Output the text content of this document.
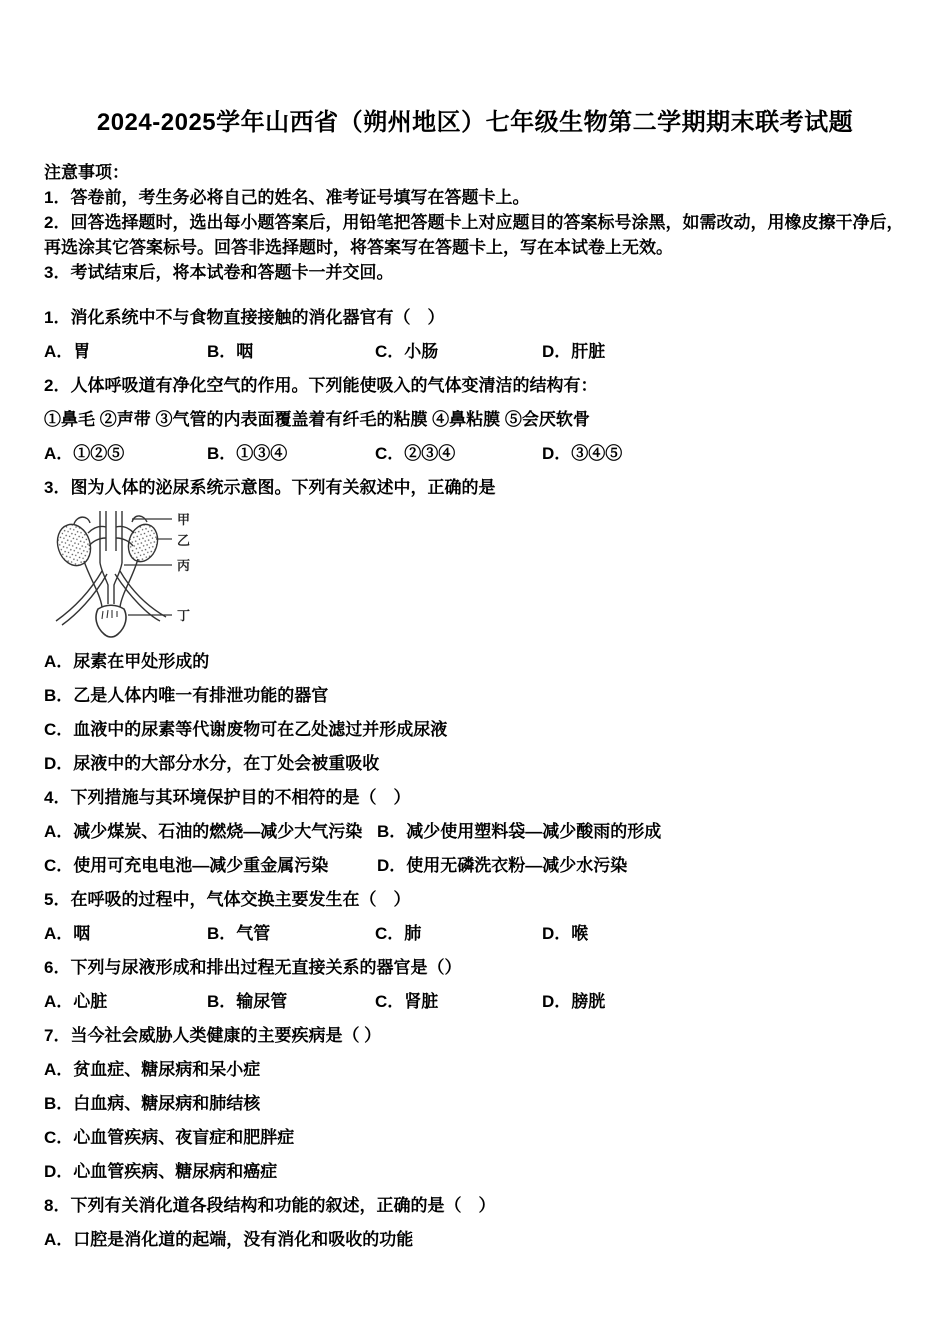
2024-2025学年山西省（朔州地区）七年级生物第二学期期末联考试题
注意事项：
1．答卷前，考生务必将自己的姓名、准考证号填写在答题卡上。
2．回答选择题时，选出每小题答案后，用铅笔把答题卡上对应题目的答案标号涂黑，如需改动，用橡皮擦干净后，再选涂其它答案标号。回答非选择题时，将答案写在答题卡上，写在本试卷上无效。
3．考试结束后，将本试卷和答题卡一并交回。
1．消化系统中不与食物直接接触的消化器官有（　）
A．胃	B．咽	C．小肠	D．肝脏
2．人体呼吸道有净化空气的作用。下列能使吸入的气体变清洁的结构有：
①鼻毛 ②声带 ③气管的内表面覆盖着有纤毛的粘膜 ④鼻粘膜 ⑤会厌软骨
A．①②⑤	B．①③④	C．②③④	D．③④⑤
3．图为人体的泌尿系统示意图。下列有关叙述中，正确的是
甲
乙
丙
丁
A．尿素在甲处形成的
B．乙是人体内唯一有排泄功能的器官
C．血液中的尿素等代谢废物可在乙处滤过并形成尿液
D．尿液中的大部分水分，在丁处会被重吸收
4．下列措施与其环境保护目的不相符的是（　）
A．减少煤炭、石油的燃烧—减少大气污染 B．减少使用塑料袋—减少酸雨的形成
C．使用可充电电池—减少重金属污染	D．使用无磷洗衣粉—减少水污染
5．在呼吸的过程中，气体交换主要发生在（　）
A．咽	B．气管	C．肺	D．喉
6．下列与尿液形成和排出过程无直接关系的器官是（）
A．心脏	B．输尿管	C．肾脏	D．膀胱
7．当今社会威胁人类健康的主要疾病是（ ）
A．贫血症、糖尿病和呆小症
B．白血病、糖尿病和肺结核
C．心血管疾病、夜盲症和肥胖症
D．心血管疾病、糖尿病和癌症
8．下列有关消化道各段结构和功能的叙述，正确的是（　）
A．口腔是消化道的起端，没有消化和吸收的功能
